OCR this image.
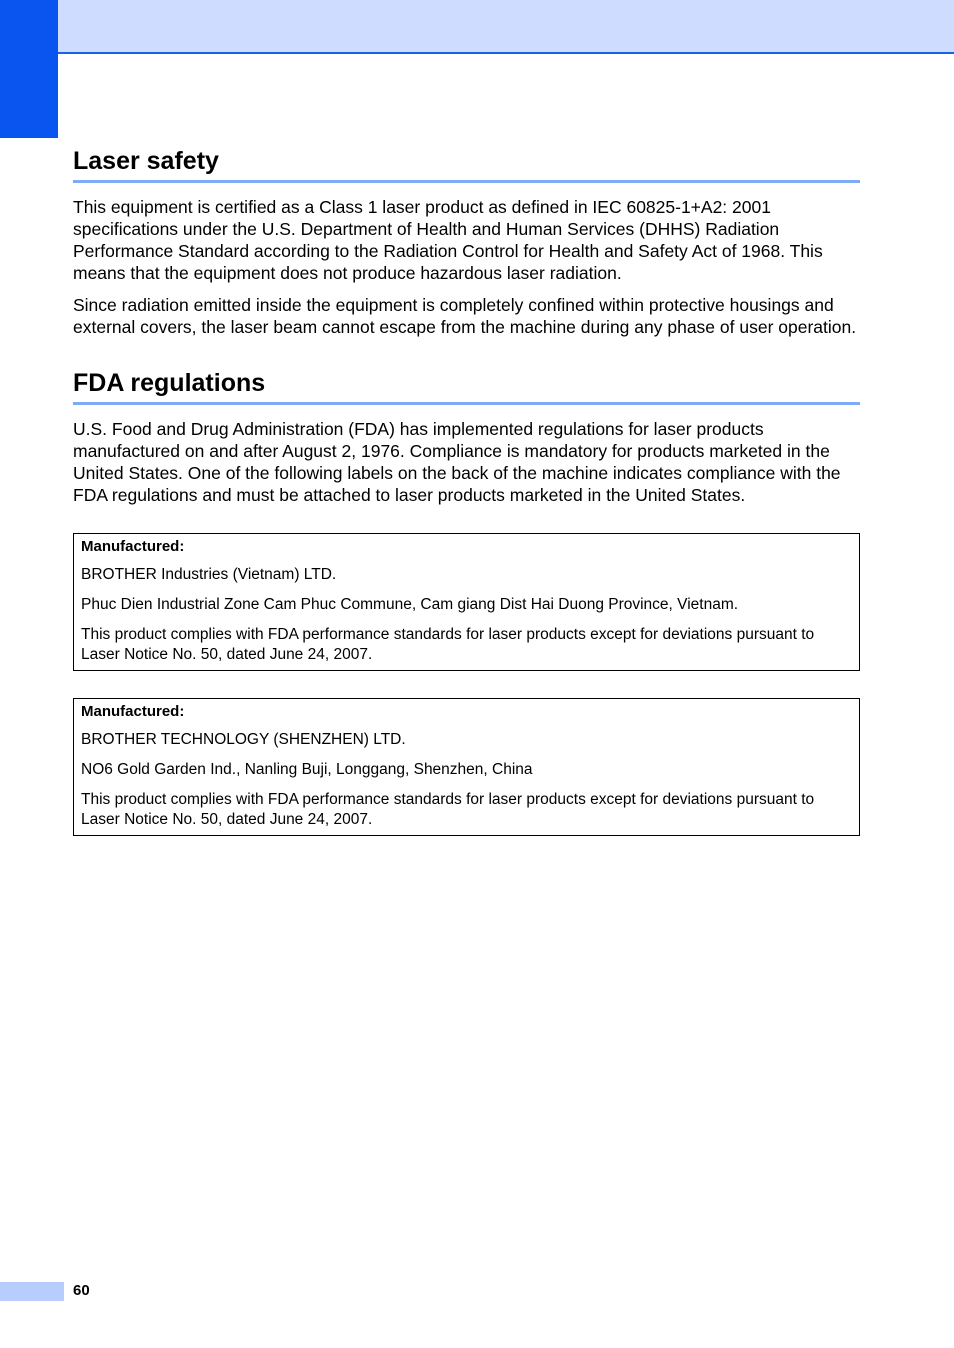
Laser safety

This equipment is certified as a Class 1 laser product as defined in IEC 60825-1+A2: 2001 specifications under the U.S. Department of Health and Human Services (DHHS) Radiation Performance Standard according to the Radiation Control for Health and Safety Act of 1968. This means that the equipment does not produce hazardous laser radiation.

Since radiation emitted inside the equipment is completely confined within protective housings and external covers, the laser beam cannot escape from the machine during any phase of user operation.

FDA regulations

U.S. Food and Drug Administration (FDA) has implemented regulations for laser products manufactured on and after August 2, 1976. Compliance is mandatory for products marketed in the United States. One of the following labels on the back of the machine indicates compliance with the FDA regulations and must be attached to laser products marketed in the United States.

Manufactured:

BROTHER Industries (Vietnam) LTD.

Phuc Dien Industrial Zone Cam Phuc Commune, Cam giang Dist Hai Duong Province, Vietnam.

This product complies with FDA performance standards for laser products except for deviations pursuant to Laser Notice No. 50, dated June 24, 2007.

Manufactured:

BROTHER TECHNOLOGY (SHENZHEN) LTD.

NO6 Gold Garden Ind., Nanling Buji, Longgang, Shenzhen, China

This product complies with FDA performance standards for laser products except for deviations pursuant to Laser Notice No. 50, dated June 24, 2007.

60
